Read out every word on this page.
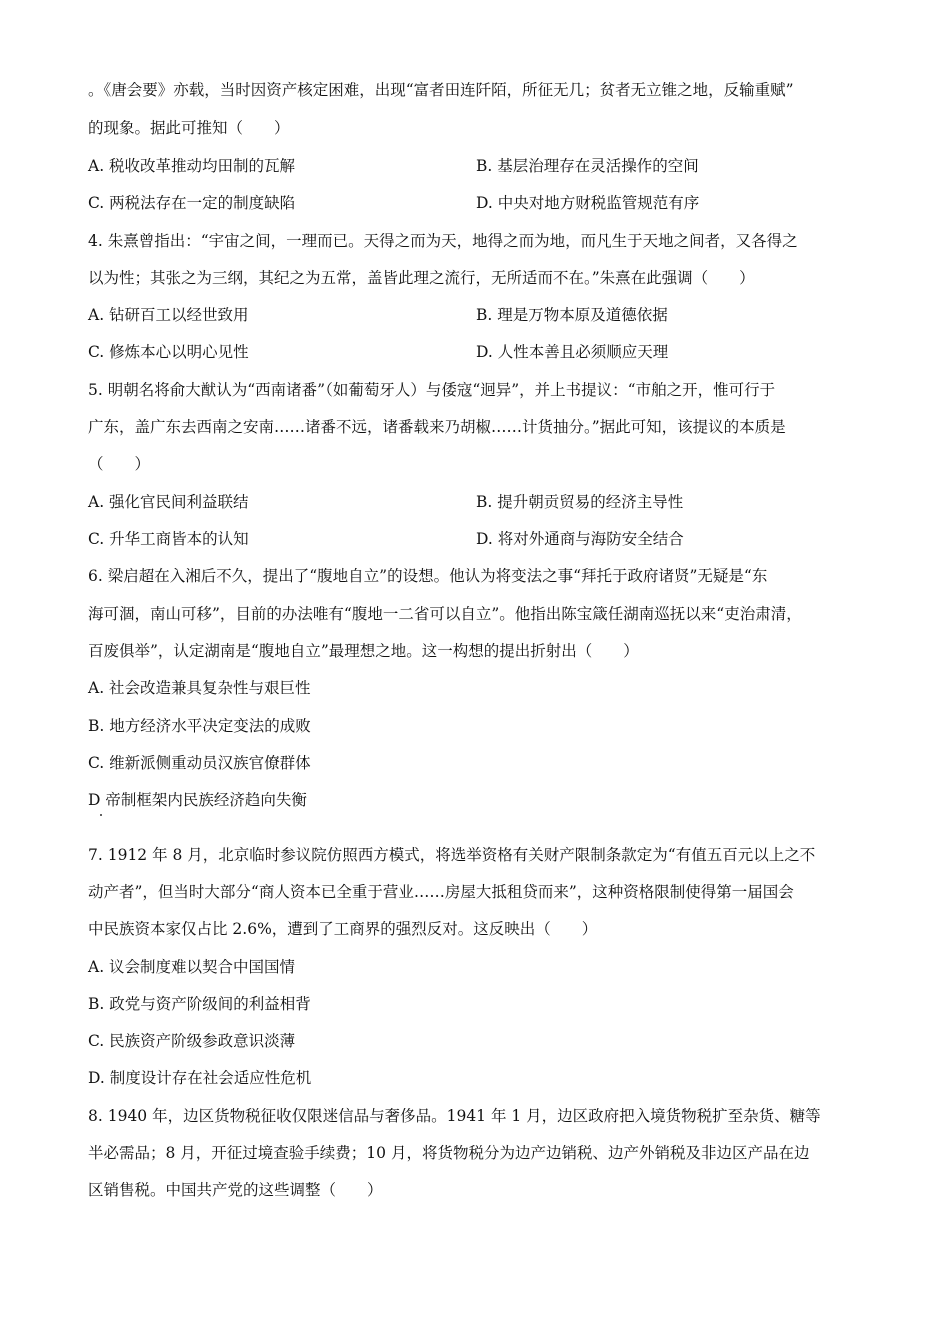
。《唐会要》亦载，当时因资产核定困难，出现“富者田连阡陌，所征无几；贫者无立锥之地，反输重赋”
的现象。据此可推知（　　）
A. 税收改革推动均田制的瓦解	B. 基层治理存在灵活操作的空间
C. 两税法存在一定的制度缺陷	D. 中央对地方财税监管规范有序
4. 朱熹曾指出：“宇宙之间，一理而已。天得之而为天，地得之而为地，而凡生于天地之间者，又各得之
以为性；其张之为三纲，其纪之为五常，盖皆此理之流行，无所适而不在。”朱熹在此强调（　　）
A. 钻研百工以经世致用	B. 理是万物本原及道德依据
C. 修炼本心以明心见性	D. 人性本善且必须顺应天理
5. 明朝名将俞大猷认为“西南诸番”（如葡萄牙人）与倭寇“迥异”，并上书提议：“市舶之开，惟可行于
广东，盖广东去西南之安南……诸番不远，诸番载来乃胡椒……计货抽分。”据此可知，该提议的本质是
（　　）
A. 强化官民间利益联结	B. 提升朝贡贸易的经济主导性
C. 升华工商皆本的认知	D. 将对外通商与海防安全结合
6. 梁启超在入湘后不久，提出了“腹地自立”的设想。他认为将变法之事“拜托于政府诸贤”无疑是“东
海可涸，南山可移”，目前的办法唯有“腹地一二省可以自立”。他指出陈宝箴任湖南巡抚以来“吏治肃清，
百废俱举”，认定湖南是“腹地自立”最理想之地。这一构想的提出折射出（　　）
A. 社会改造兼具复杂性与艰巨性
B. 地方经济水平决定变法的成败
C. 维新派侧重动员汉族官僚群体
D 帝制框架内民族经济趋向失衡
7. 1912 年 8 月，北京临时参议院仿照西方模式，将选举资格有关财产限制条款定为“有值五百元以上之不
动产者”，但当时大部分“商人资本已全重于营业……房屋大抵租贷而来”，这种资格限制使得第一届国会
中民族资本家仅占比 2.6%，遭到了工商界的强烈反对。这反映出（　　）
A. 议会制度难以契合中国国情
B. 政党与资产阶级间的利益相背
C. 民族资产阶级参政意识淡薄
D. 制度设计存在社会适应性危机
8. 1940 年，边区货物税征收仅限迷信品与奢侈品。1941 年 1 月，边区政府把入境货物税扩至杂货、糖等
半必需品；8 月，开征过境查验手续费；10 月，将货物税分为边产边销税、边产外销税及非边区产品在边
区销售税。中国共产党的这些调整（　　）
